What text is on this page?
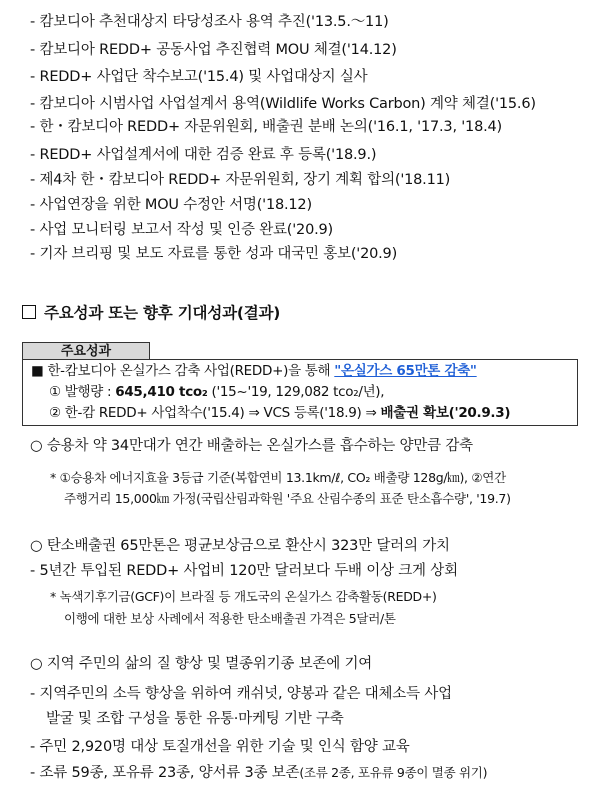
- 캄보디아 추천대상지 타당성조사 용역 추진('13.5.～11)
- 캄보디아 REDD+ 공동사업 추진협력 MOU 체결('14.12)
- REDD+ 사업단 착수보고('15.4) 및 사업대상지 실사
- 캄보디아 시범사업 사업설계서 용역(Wildlife Works Carbon) 계약 체결('15.6)
- 한・캄보디아 REDD+ 자문위원회, 배출권 분배 논의('16.1, '17.3, '18.4)
- REDD+ 사업설계서에 대한 검증 완료 후 등록('18.9.)
- 제4차 한・캄보디아 REDD+ 자문위원회, 장기 계획 합의('18.11)
- 사업연장을 위한 MOU 수정안 서명('18.12)
- 사업 모니터링 보고서 작성 및 인증 완료('20.9)
- 기자 브리핑 및 보도 자료를 통한 성과 대국민 홍보('20.9)
주요성과 또는 향후 기대성과(결과)
주요성과
■ 한-캄보디아 온실가스 감축 사업(REDD+)을 통해 "온실가스 65만톤 감축"
① 발행량 : 645,410 tco₂ ('15~'19, 129,082 tco₂/년),
② 한-캄 REDD+ 사업착수('15.4) ⇒ VCS 등록('18.9) ⇒ 배출권 확보('20.9.3)
○ 승용차 약 34만대가 연간 배출하는 온실가스를 흡수하는 양만큼 감축
* ①승용차 에너지효율 3등급 기준(복합연비 13.1km/ℓ, CO₂ 배출량 128g/㎞), ②연간
주행거리 15,000㎞ 가정(국립산림과학원 '주요 산림수종의 표준 탄소흡수량', '19.7)
○ 탄소배출권 65만톤은 평균보상금으로 환산시 323만 달러의 가치
- 5년간 투입된 REDD+ 사업비 120만 달러보다 두배 이상 크게 상회
* 녹색기후기금(GCF)이 브라질 등 개도국의 온실가스 감축활동(REDD+)
이행에 대한 보상 사례에서 적용한 탄소배출권 가격은 5달러/톤
○ 지역 주민의 삶의 질 향상 및 멸종위기종 보존에 기여
- 지역주민의 소득 향상을 위하여 캐쉬넛, 양봉과 같은 대체소득 사업
발굴 및 조합 구성을 통한 유통·마케팅 기반 구축
- 주민 2,920명 대상 토질개선을 위한 기술 및 인식 함양 교육
- 조류 59종, 포유류 23종, 양서류 3종 보존(조류 2종, 포유류 9종이 멸종 위기)
